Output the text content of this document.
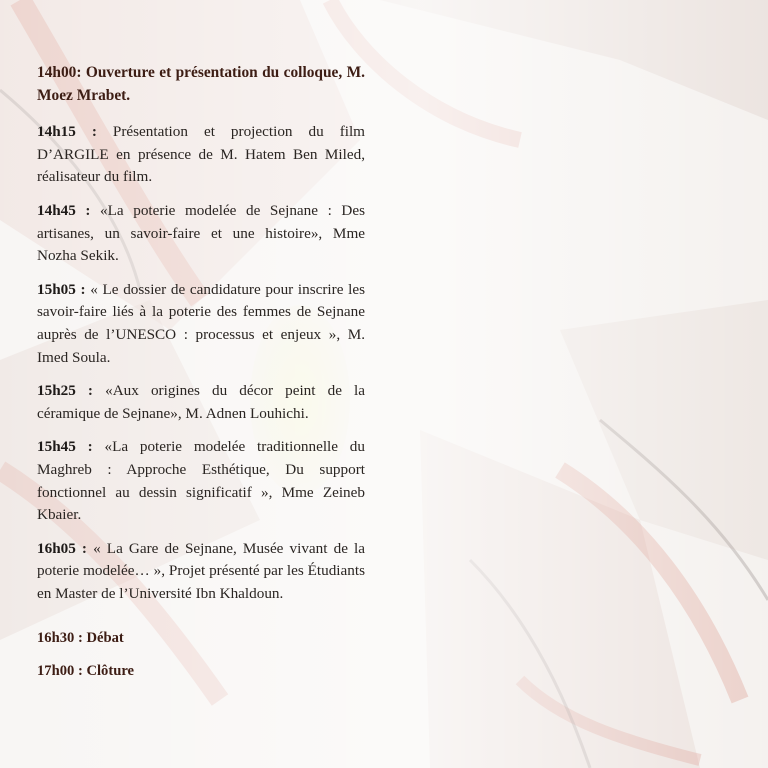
14h00: Ouverture et présentation du colloque, M. Moez Mrabet.

14h15 : Présentation et projection du film D’ARGILE en présence de M. Hatem Ben Miled, réalisateur du film.

14h45 : «La poterie modelée de Sejnane : Des artisanes, un savoir-faire et une histoire», Mme Nozha Sekik.

15h05 : « Le dossier de candidature pour inscrire les savoir-faire liés à la poterie des femmes de Sejnane auprès de l’UNESCO : processus et enjeux », M. Imed Soula.

15h25 : «Aux origines du décor peint de la céramique de Sejnane», M. Adnen Louhichi.

15h45 : «La poterie modelée traditionnelle du Maghreb : Approche Esthétique, Du support fonctionnel au dessin significatif », Mme Zeineb Kbaier.

16h05 : « La Gare de Sejnane, Musée vivant de la poterie modelée… », Projet présenté par les Étudiants en Master de l’Université Ibn Khaldoun.

16h30 : Débat

17h00 : Clôture
